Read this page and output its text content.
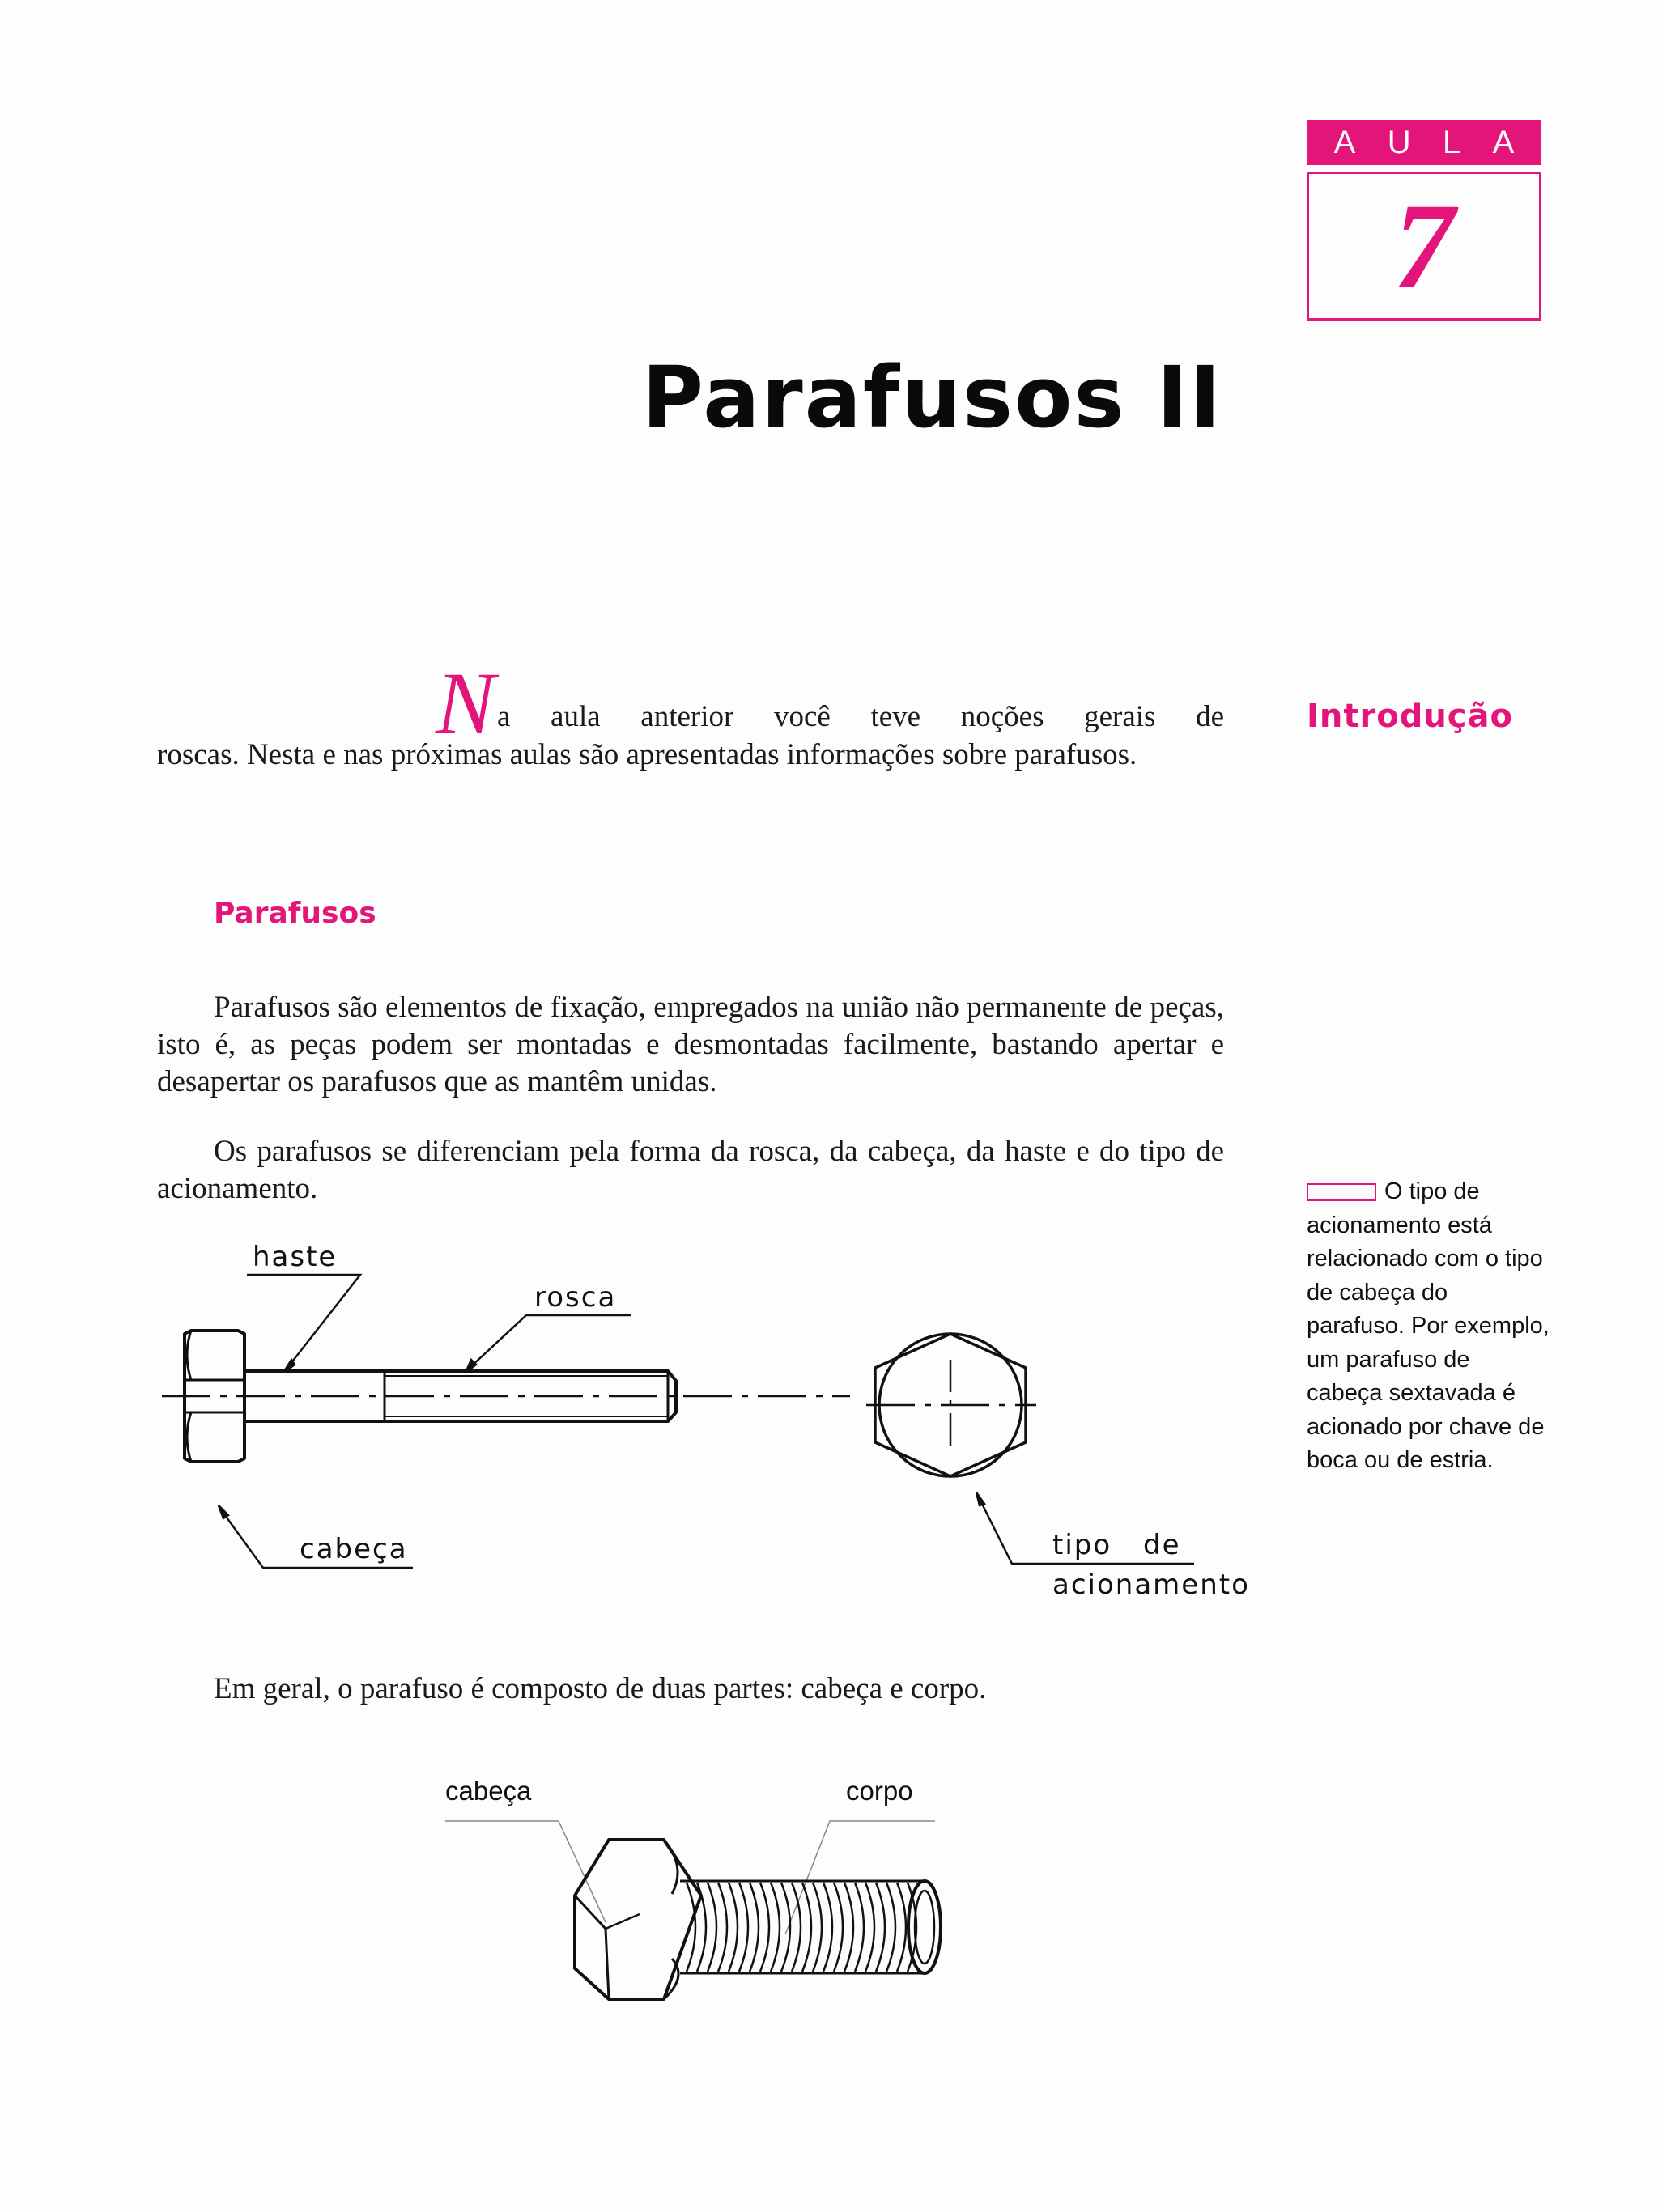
A U L A
7
Parafusos II
Introdução
N a aula anterior você teve noções gerais de
roscas. Nesta e nas próximas aulas são apresentadas informações sobre parafusos.
Parafusos
Parafusos são elementos de fixação, empregados na união não permanente de peças, isto é, as peças podem ser montadas e desmontadas facilmente, bastando apertar e desapertar os parafusos que as mantêm unidas.
Os parafusos se diferenciam pela forma da rosca, da cabeça, da haste e do tipo de acionamento.	O tipo de acionamento está relacionado com o tipo de cabeça do parafuso. Por exemplo, um parafuso de cabeça sextavada é acionado por chave de boca ou de estria.
haste
rosca
cabeça	tipo de
acionamento
Em geral, o parafuso é composto de duas partes: cabeça e corpo.
cabeça	corpo
